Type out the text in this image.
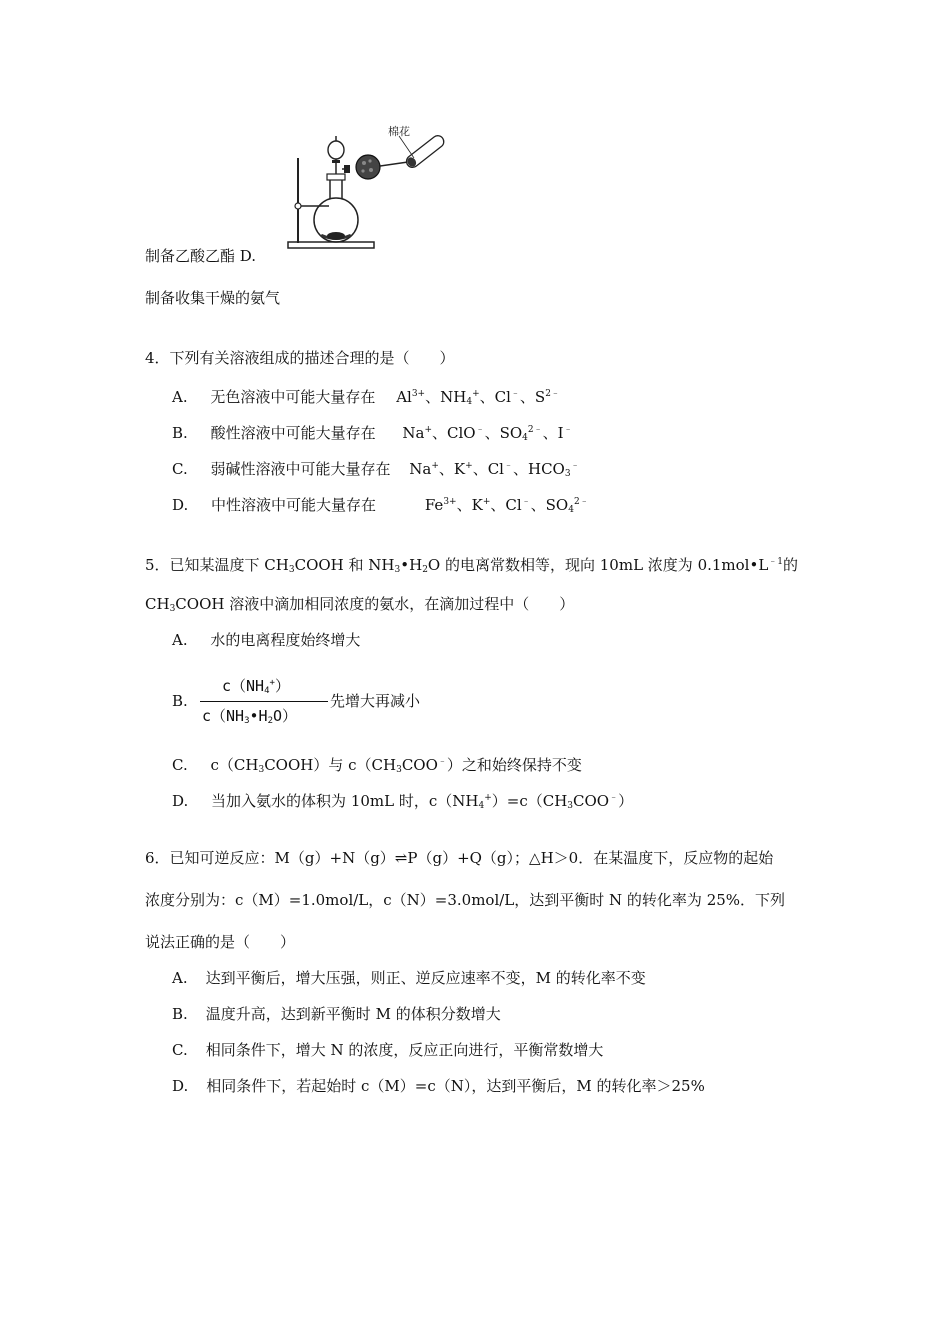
棉花
制备乙酸乙酯 D.
制备收集干燥的氨气
4．下列有关溶液组成的描述合理的是（　　）
A. 无色溶液中可能大量存在 $Al^{3+}$、$NH_4^+$、Cl﹣、$S^{2﹣}$
B. 酸性溶液中可能大量存在 Na+、ClO﹣、$SO_4^{2﹣}$、I﹣
C. 弱碱性溶液中可能大量存在 Na+、K+、Cl﹣、$HCO_3^﹣$
D. 中性溶液中可能大量存在	$Fe^{3+}$、K+、Cl﹣、$SO_4^{2﹣}$
5．已知某温度下 $CH_3COOH$ 和 $NH_3•H_2O$ 的电离常数相等，现向 10mL 浓度为 $0.1mol•L^{﹣1}$的
$CH_3COOH$ 溶液中滴加相同浓度的氨水，在滴加过程中（　　）
A. 水的电离程度始终增大
B.
$c(NH_4^+)$
$c(NH_3•H_2O)$
先增大再减小
C. $c(CH_3COOH)$与 $c(CH_3COO^﹣)$之和始终保持不变
D. 当加入氨水的体积为 10mL 时，$c(NH_4^+)=c(CH_3COO^﹣)$
6．已知可逆反应：M（g）+N（g）⇌P（g）+Q（g）；△H＞0．在某温度下，反应物的起始
浓度分别为：c（M）=1.0mol/L，c（N）=3.0mol/L，达到平衡时 N 的转化率为 25%．下列
说法正确的是（　　）
A. 达到平衡后，增大压强，则正、逆反应速率不变，M 的转化率不变
B. 温度升高，达到新平衡时 M 的体积分数增大
C. 相同条件下，增大 N 的浓度，反应正向进行，平衡常数增大
D. 相同条件下，若起始时 c（M）=c（N），达到平衡后，M 的转化率＞25%
